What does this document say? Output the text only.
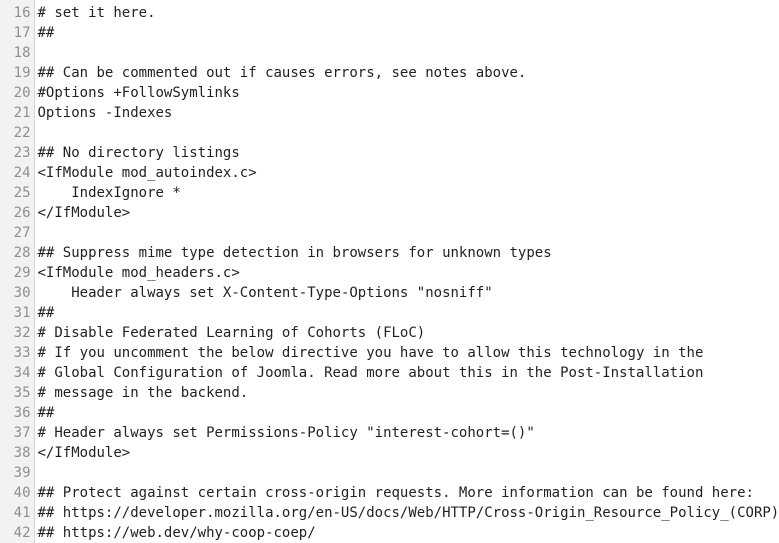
16	# set it here.
17	##
18	
19	## Can be commented out if causes errors, see notes above.
20	#Options +FollowSymlinks
21	Options -Indexes
22	
23	## No directory listings
24	<IfModule mod_autoindex.c>
25	IndexIgnore *
26	</IfModule>
27	
28	## Suppress mime type detection in browsers for unknown types
29	<IfModule mod_headers.c>
30	Header always set X-Content-Type-Options "nosniff"
31	##
32	# Disable Federated Learning of Cohorts (FLoC)
33	# If you uncomment the below directive you have to allow this technology in the
34	# Global Configuration of Joomla. Read more about this in the Post-Installation
35	# message in the backend.
36	##
37	# Header always set Permissions-Policy "interest-cohort=()"
38	</IfModule>
39	
40	## Protect against certain cross-origin requests. More information can be found here:
41	## https://developer.mozilla.org/en-US/docs/Web/HTTP/Cross-Origin_Resource_Policy_(CORP)
42	## https://web.dev/why-coop-coep/
